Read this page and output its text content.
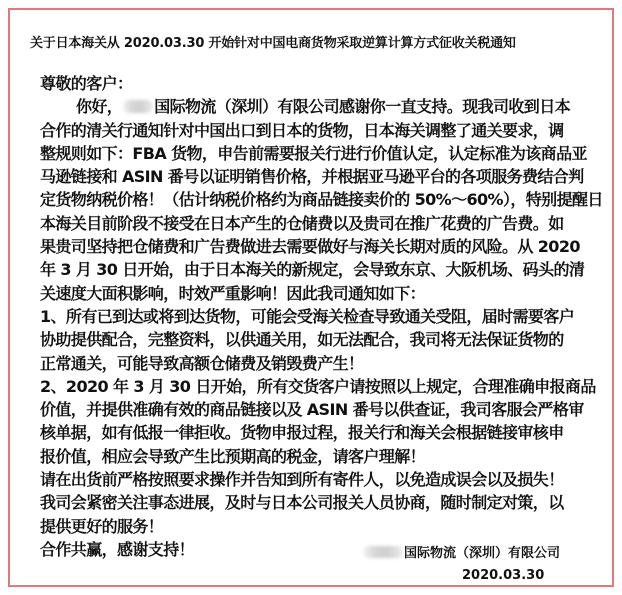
关于日本海关从 2020.03.30 开始针对中国电商货物采取逆算计算方式征收关税通知
尊敬的客户：
你好， 国际物流（深圳）有限公司感谢你一直支持。现我司收到日本
合作的清关行通知针对中国出口到日本的货物，日本海关调整了通关要求，调
整规则如下：FBA 货物，申告前需要报关行进行价值认定，认定标准为该商品亚
马逊链接和 ASIN 番号以证明销售价格，并根据亚马逊平台的各项服务费结合判
定货物纳税价格！（估计纳税价格约为商品链接卖价的 50%～60%），特别提醒日
本海关目前阶段不接受在日本产生的仓储费以及贵司在推广花费的广告费。如
果贵司坚持把仓储费和广告费做进去需要做好与海关长期对质的风险。从 2020
年 3 月 30 日开始，由于日本海关的新规定，会导致东京、大阪机场、码头的清
关速度大面积影响，时效严重影响！因此我司通知如下：
1、所有已到达或将到达货物，可能会受海关检查导致通关受阻，届时需要客户
协助提供配合，完整资料，以供通关用，如无法配合，我司将无法保证货物的
正常通关，可能导致高额仓储费及销毁费产生！
2、2020 年 3 月 30 日开始，所有交货客户请按照以上规定，合理准确申报商品
价值，并提供准确有效的商品链接以及 ASIN 番号以供查证，我司客服会严格审
核单据，如有低报一律拒收。货物申报过程，报关行和海关会根据链接审核申
报价值，相应会导致产生比预期高的税金，请客户理解！
请在出货前严格按照要求操作并告知到所有寄件人，以免造成误会以及损失！
我司会紧密关注事态进展，及时与日本公司报关人员协商，随时制定对策，以
提供更好的服务！
合作共赢，感谢支持！	国际物流（深圳）有限公司
2020.03.30
